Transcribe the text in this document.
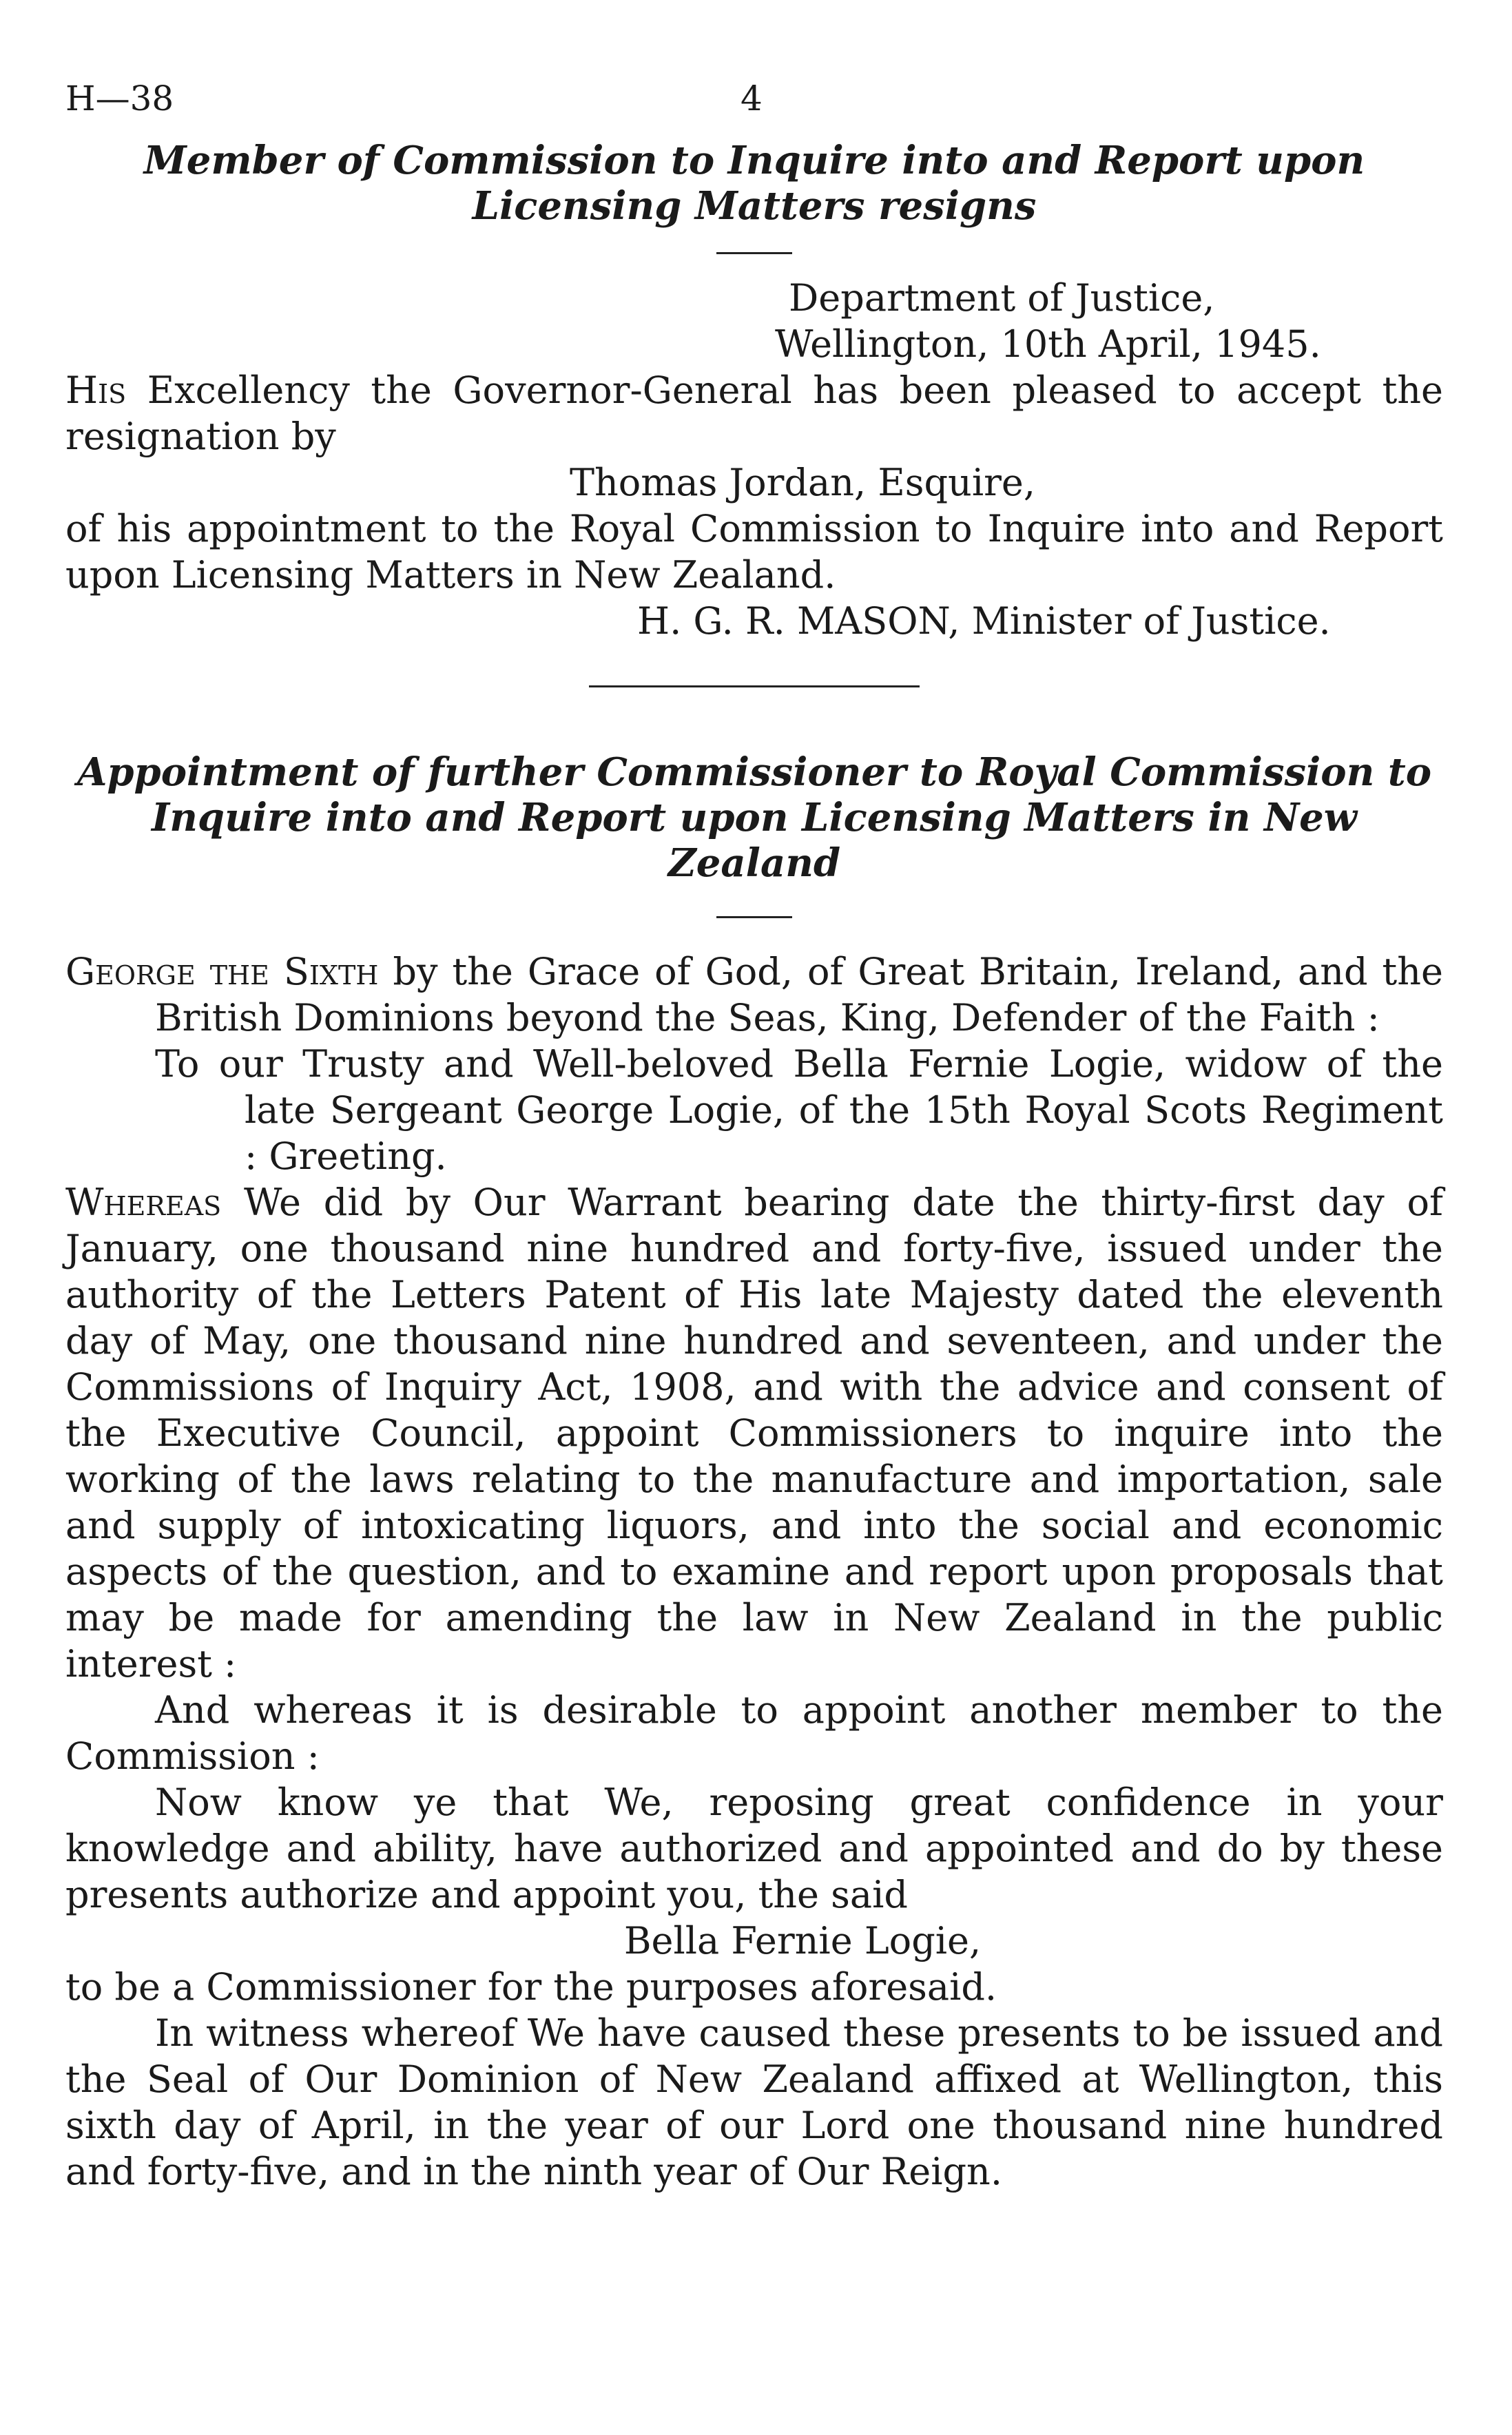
H—38	4
Member of Commission to Inquire into and Report upon Licensing Matters resigns
Department of Justice,
Wellington, 10th April, 1945.

His Excellency the Governor-General has been pleased to accept the resignation by

Thomas Jordan, Esquire,

of his appointment to the Royal Commission to Inquire into and Report upon Licensing Matters in New Zealand.

H. G. R. MASON, Minister of Justice.
Appointment of further Commissioner to Royal Commission to Inquire into and Report upon Licensing Matters in New Zealand

George the Sixth by the Grace of God, of Great Britain, Ireland, and the British Dominions beyond the Seas, King, Defender of the Faith :

To our Trusty and Well-beloved Bella Fernie Logie, widow of the late Sergeant George Logie, of the 15th Royal Scots Regiment : Greeting.

Whereas We did by Our Warrant bearing date the thirty-first day of January, one thousand nine hundred and forty-five, issued under the authority of the Letters Patent of His late Majesty dated the eleventh day of May, one thousand nine hundred and seventeen, and under the Commissions of Inquiry Act, 1908, and with the advice and consent of the Executive Council, appoint Commissioners to inquire into the working of the laws relating to the manufacture and importation, sale and supply of intoxicating liquors, and into the social and economic aspects of the question, and to examine and report upon proposals that may be made for amending the law in New Zealand in the public interest :

And whereas it is desirable to appoint another member to the Commission :

Now know ye that We, reposing great confidence in your knowledge and ability, have authorized and appointed and do by these presents authorize and appoint you, the said

Bella Fernie Logie,

to be a Commissioner for the purposes aforesaid.

In witness whereof We have caused these presents to be issued and the Seal of Our Dominion of New Zealand affixed at Wellington, this sixth day of April, in the year of our Lord one thousand nine hundred and forty-five, and in the ninth year of Our Reign.
